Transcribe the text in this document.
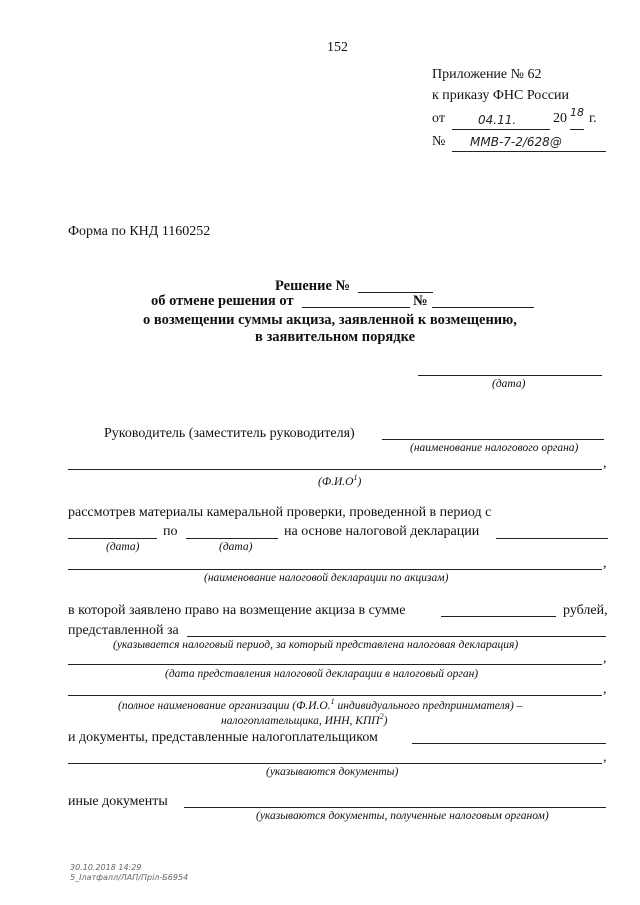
152
Приложение № 62
к приказу ФНС России
от	04.11.	20 18 г.
№ ММВ-7-2/628@
Форма по КНД 1160252
Решение №
об отмене решения от	№
о возмещении суммы акциза, заявленной к возмещению,
в заявительном порядке
(дата)
Руководитель (заместитель руководителя)
(наименование налогового органа)
,
$(Ф.И.О^1)$
рассмотрев материалы камеральной проверки, проведенной в период с
по	на основе налоговой декларации
(дата)	(дата)
,
(наименование налоговой декларации по акцизам)
в которой заявлено право на возмещение акциза в сумме	рублей,
представленной за
(указывается налоговый период, за который представлена налоговая декларация)
,
(дата представления налоговой декларации в налоговый орган)
,
(полное наименование организации (Ф.И.О.$^1$ индивидуального предпринимателя) –
налогоплательщика, ИНН, КПП$^2$)
и документы, представленные налогоплательщиком
,
(указываются документы)
иные документы
(указываются документы, полученные налоговым органом)
30.10.2018 14:29
5_Ілатфалл/ЛАП/Пріл-Б6954
